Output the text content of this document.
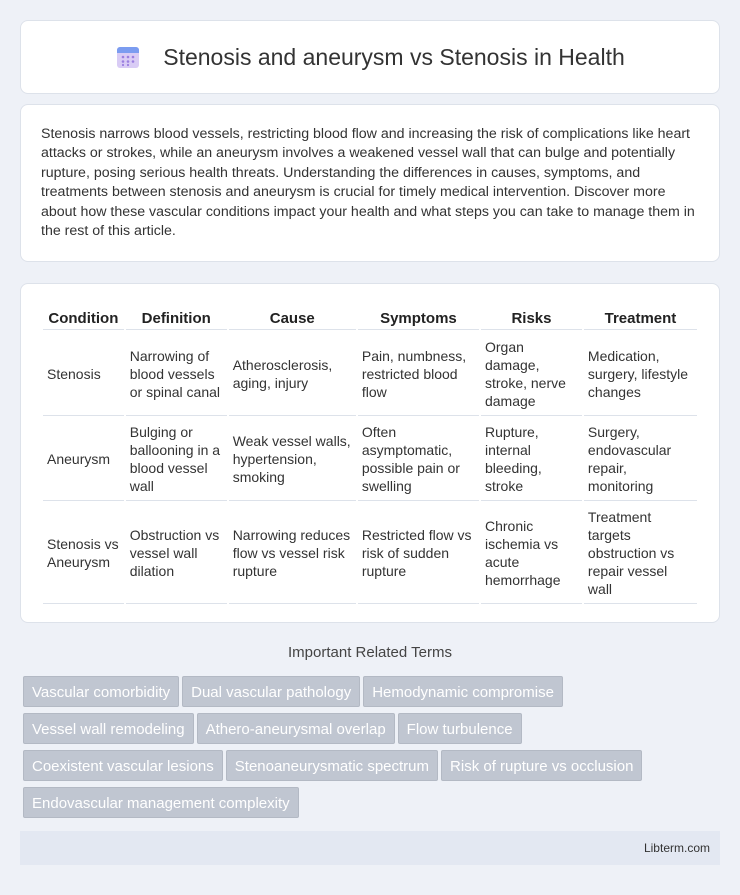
Stenosis and aneurysm vs Stenosis in Health

Stenosis narrows blood vessels, restricting blood flow and increasing the risk of complications like heart attacks or strokes, while an aneurysm involves a weakened vessel wall that can bulge and potentially rupture, posing serious health threats. Understanding the differences in causes, symptoms, and treatments between stenosis and aneurysm is crucial for timely medical intervention. Discover more about how these vascular conditions impact your health and what steps you can take to manage them in the rest of this article.

Condition	Definition	Cause	Symptoms	Risks	Treatment
Stenosis	Narrowing of blood vessels or spinal canal	Atherosclerosis, aging, injury	Pain, numbness, restricted blood flow	Organ damage, stroke, nerve damage	Medication, surgery, lifestyle changes
Aneurysm	Bulging or ballooning in a blood vessel wall	Weak vessel walls, hypertension, smoking	Often asymptomatic, possible pain or swelling	Rupture, internal bleeding, stroke	Surgery, endovascular repair, monitoring
Stenosis vs Aneurysm	Obstruction vs vessel wall dilation	Narrowing reduces flow vs vessel risk rupture	Restricted flow vs risk of sudden rupture	Chronic ischemia vs acute hemorrhage	Treatment targets obstruction vs repair vessel wall
Important Related Terms
Vascular comorbidity Dual vascular pathology Hemodynamic compromise
Vessel wall remodeling Athero-aneurysmal overlap Flow turbulence
Coexistent vascular lesions Stenoaneurysmatic spectrum Risk of rupture vs occlusion
Endovascular management complexity
Libterm.com
